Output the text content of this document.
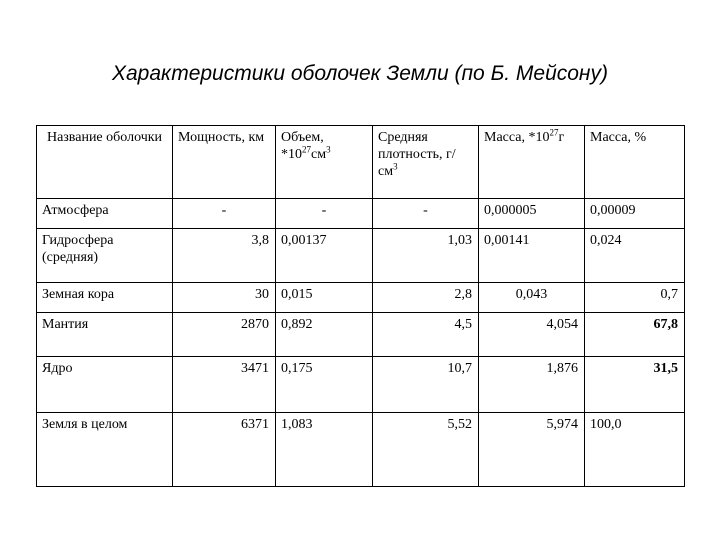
Характеристики оболочек Земли (по Б. Мейсону)
Название оболочки	Мощность, км	Объем, $*10^{27}см^3$	Средняя плотность, $г/см^3$	Масса, $*10^{27}г$	Масса, %
Атмосфера	-	-	-	0,000005	0,00009
Гидросфера (средняя)	3,8	0,00137	1,03	0,00141	0,024
Земная кора	30	0,015	2,8	0,043	0,7
Мантия	2870	0,892	4,5	4,054	67,8
Ядро	3471	0,175	10,7	1,876	31,5
Земля в целом	6371	1,083	5,52	5,974	100,0
